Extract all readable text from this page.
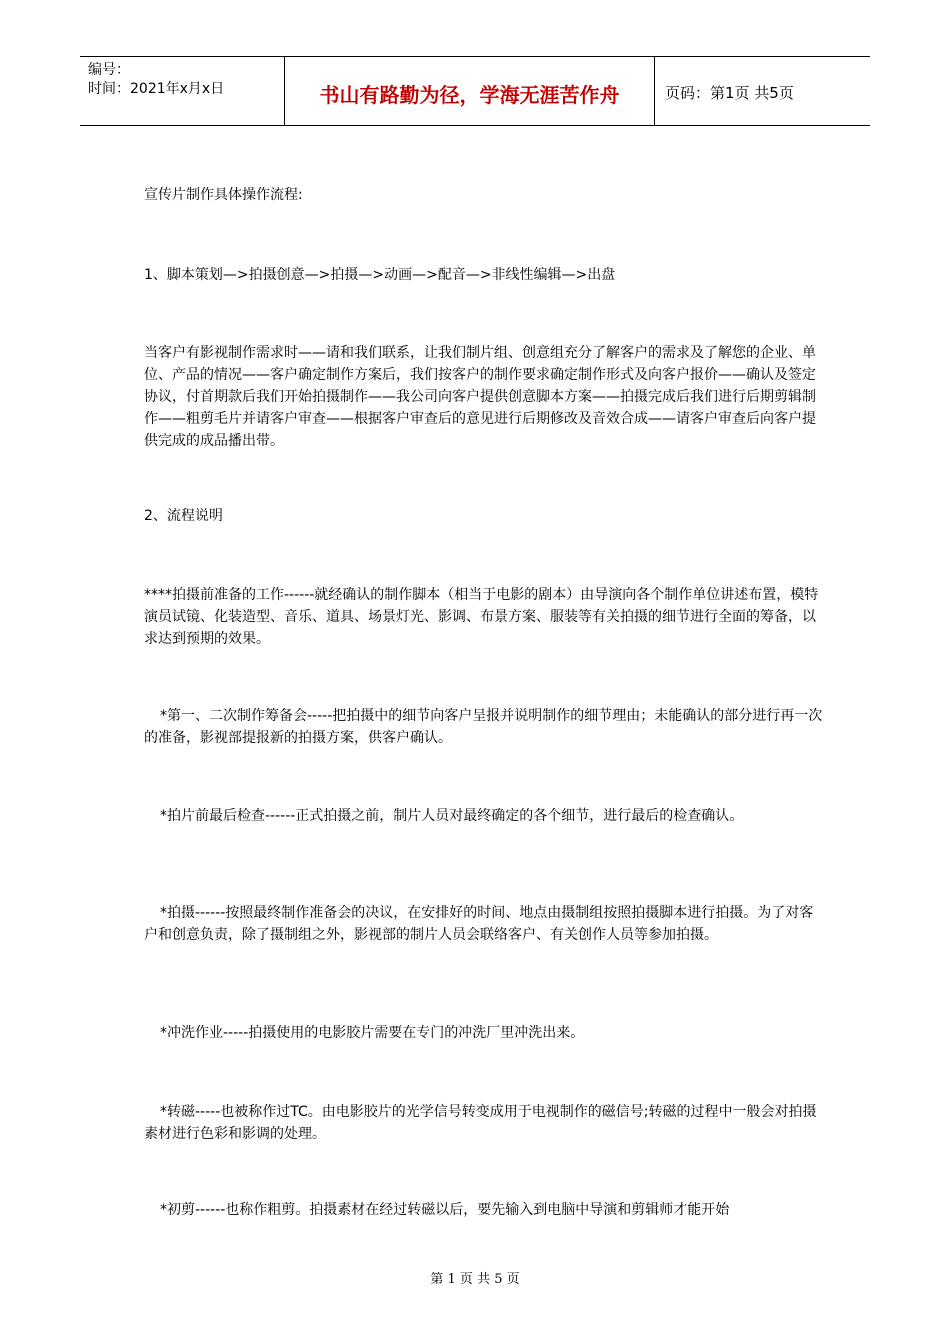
编号：
时间：2021年x月x日	书山有路勤为径，学海无涯苦作舟	页码：第1页 共5页
宣传片制作具体操作流程:
1、脚本策划—>拍摄创意—>拍摄—>动画—>配音—>非线性编辑—>出盘
当客户有影视制作需求时——请和我们联系，让我们制片组、创意组充分了解客户的需求及了解您的企业、单位、产品的情况——客户确定制作方案后，我们按客户的制作要求确定制作形式及向客户报价——确认及签定协议，付首期款后我们开始拍摄制作——我公司向客户提供创意脚本方案——拍摄完成后我们进行后期剪辑制作——粗剪毛片并请客户审查——根据客户审查后的意见进行后期修改及音效合成——请客户审查后向客户提供完成的成品播出带。
2、流程说明
****拍摄前准备的工作------就经确认的制作脚本（相当于电影的剧本）由导演向各个制作单位讲述布置，模特演员试镜、化装造型、音乐、道具、场景灯光、影调、布景方案、服装等有关拍摄的细节进行全面的筹备，以求达到预期的效果。
*第一、二次制作筹备会-----把拍摄中的细节向客户呈报并说明制作的细节理由；未能确认的部分进行再一次的准备，影视部提报新的拍摄方案，供客户确认。
*拍片前最后检查------正式拍摄之前，制片人员对最终确定的各个细节，进行最后的检查确认。
*拍摄------按照最终制作准备会的决议，在安排好的时间、地点由摄制组按照拍摄脚本进行拍摄。为了对客户和创意负责，除了摄制组之外，影视部的制片人员会联络客户、有关创作人员等参加拍摄。
*冲洗作业-----拍摄使用的电影胶片需要在专门的冲洗厂里冲洗出来。
*转磁-----也被称作过TC。由电影胶片的光学信号转变成用于电视制作的磁信号;转磁的过程中一般会对拍摄素材进行色彩和影调的处理。
*初剪------也称作粗剪。拍摄素材在经过转磁以后，要先输入到电脑中导演和剪辑师才能开始
第 1 页 共 5 页
